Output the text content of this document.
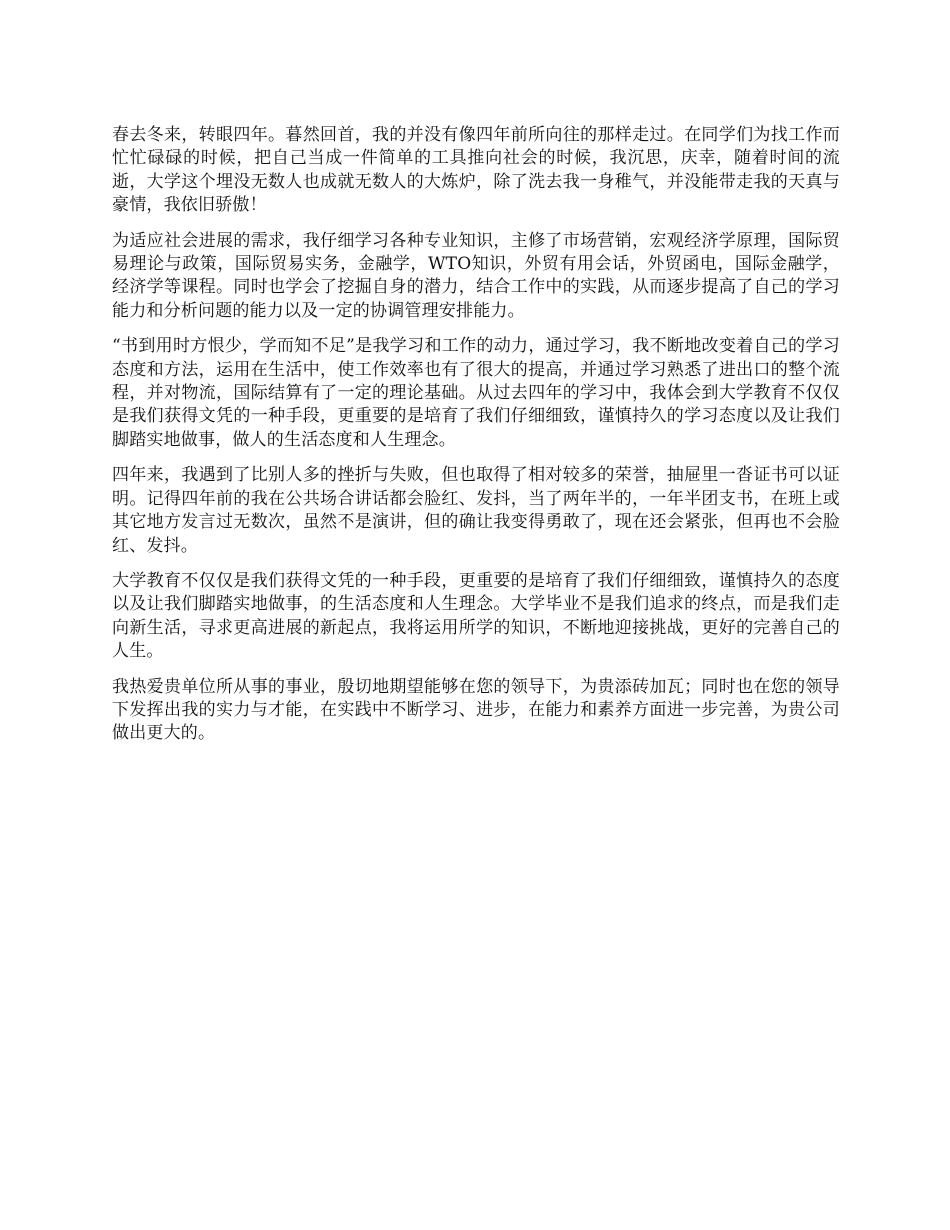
春去冬来，转眼四年。暮然回首，我的并没有像四年前所向往的那样走过。在同学们为找工作而忙忙碌碌的时候，把自己当成一件简单的工具推向社会的时候，我沉思，庆幸，随着时间的流逝，大学这个埋没无数人也成就无数人的大炼炉，除了洗去我一身稚气，并没能带走我的天真与豪情，我依旧骄傲！

为适应社会进展的需求，我仔细学习各种专业知识，主修了市场营销，宏观经济学原理，国际贸易理论与政策，国际贸易实务，金融学，WTO知识，外贸有用会话，外贸函电，国际金融学，经济学等课程。同时也学会了挖掘自身的潜力，结合工作中的实践，从而逐步提高了自己的学习能力和分析问题的能力以及一定的协调管理安排能力。

“书到用时方恨少，学而知不足”是我学习和工作的动力，通过学习，我不断地改变着自己的学习态度和方法，运用在生活中，使工作效率也有了很大的提高，并通过学习熟悉了进出口的整个流程，并对物流，国际结算有了一定的理论基础。从过去四年的学习中，我体会到大学教育不仅仅是我们获得文凭的一种手段，更重要的是培育了我们仔细细致，谨慎持久的学习态度以及让我们脚踏实地做事，做人的生活态度和人生理念。

四年来，我遇到了比别人多的挫折与失败，但也取得了相对较多的荣誉，抽屉里一沓证书可以证明。记得四年前的我在公共场合讲话都会脸红、发抖，当了两年半的，一年半团支书，在班上或其它地方发言过无数次，虽然不是演讲，但的确让我变得勇敢了，现在还会紧张，但再也不会脸红、发抖。

大学教育不仅仅是我们获得文凭的一种手段，更重要的是培育了我们仔细细致，谨慎持久的态度以及让我们脚踏实地做事，的生活态度和人生理念。大学毕业不是我们追求的终点，而是我们走向新生活，寻求更高进展的新起点，我将运用所学的知识，不断地迎接挑战，更好的完善自己的人生。

我热爱贵单位所从事的事业，殷切地期望能够在您的领导下，为贵添砖加瓦；同时也在您的领导下发挥出我的实力与才能，在实践中不断学习、进步，在能力和素养方面进一步完善，为贵公司做出更大的。
